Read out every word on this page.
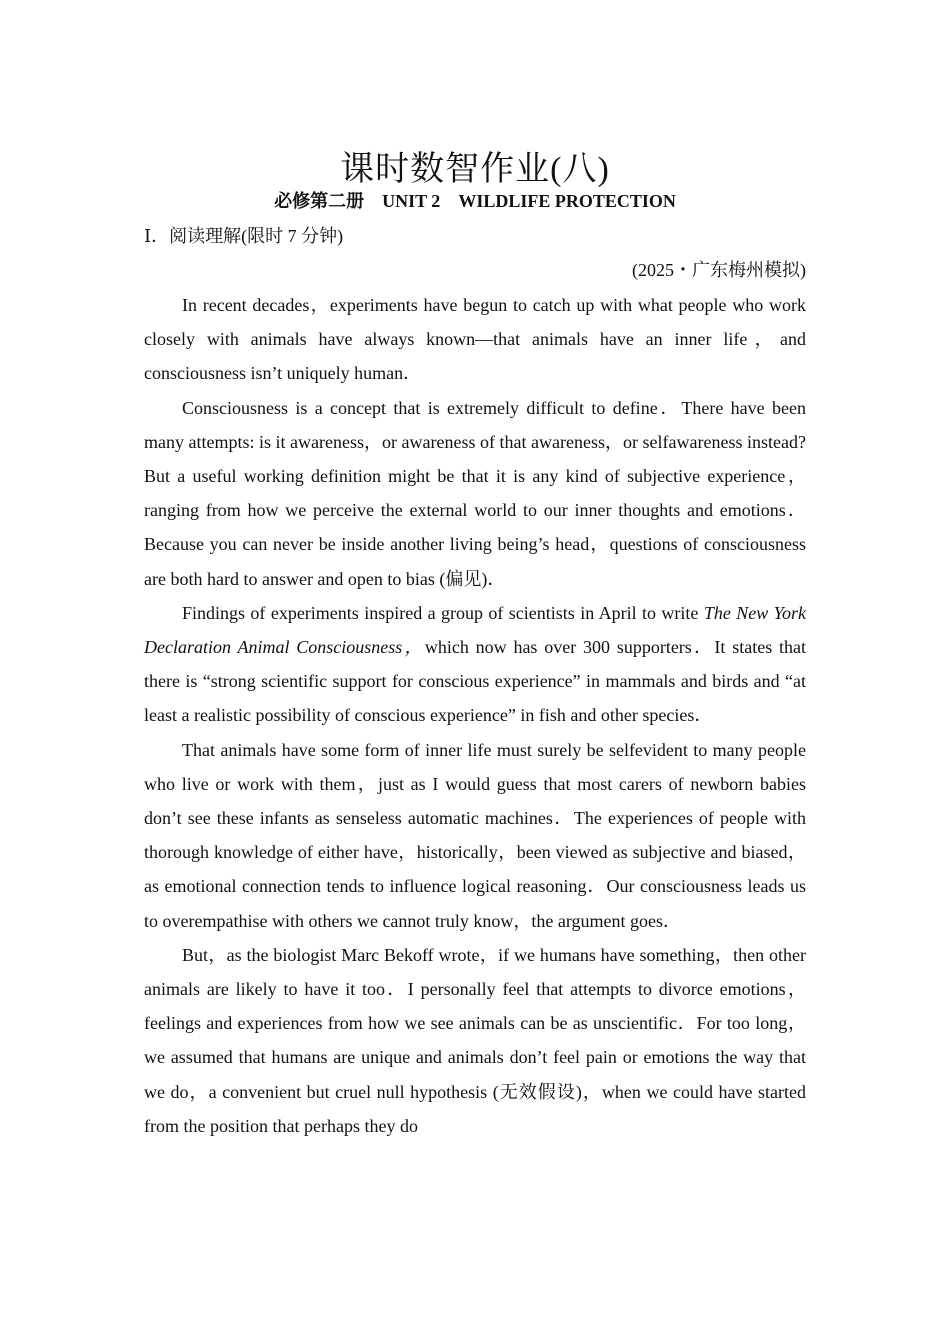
课时数智作业(八)
必修第二册 UNIT 2 WILDLIFE PROTECTION
Ⅰ．阅读理解(限时 7 分钟)
(2025・广东梅州模拟)

In recent decades，experiments have begun to catch up with what people who work closely with animals have always known—that animals have an inner life，and consciousness isn’t uniquely human．

Consciousness is a concept that is extremely difficult to define．There have been many attempts: is it awareness，or awareness of that awareness，or selfawareness instead? But a useful working definition might be that it is any kind of subjective experience，ranging from how we perceive the external world to our inner thoughts and emotions．Because you can never be inside another living being’s head，questions of consciousness are both hard to answer and open to bias (偏见)．

Findings of experiments inspired a group of scientists in April to write The New York Declaration Animal Consciousness，which now has over 300 supporters．It states that there is “strong scientific support for conscious experience” in mammals and birds and “at least a realistic possibility of conscious experience” in fish and other species．

That animals have some form of inner life must surely be selfevident to many people who live or work with them，just as I would guess that most carers of newborn babies don’t see these infants as senseless automatic machines．The experiences of people with thorough knowledge of either have，historically，been viewed as subjective and biased，as emotional connection tends to influence logical reasoning．Our consciousness leads us to overempathise with others we cannot truly know，the argument goes．

But，as the biologist Marc Bekoff wrote，if we humans have something，then other animals are likely to have it too．I personally feel that attempts to divorce emotions，feelings and experiences from how we see animals can be as unscientific．For too long，we assumed that humans are unique and animals don’t feel pain or emotions the way that we do，a convenient but cruel null hypothesis (无效假设)，when we could have started from the position that perhaps they do
